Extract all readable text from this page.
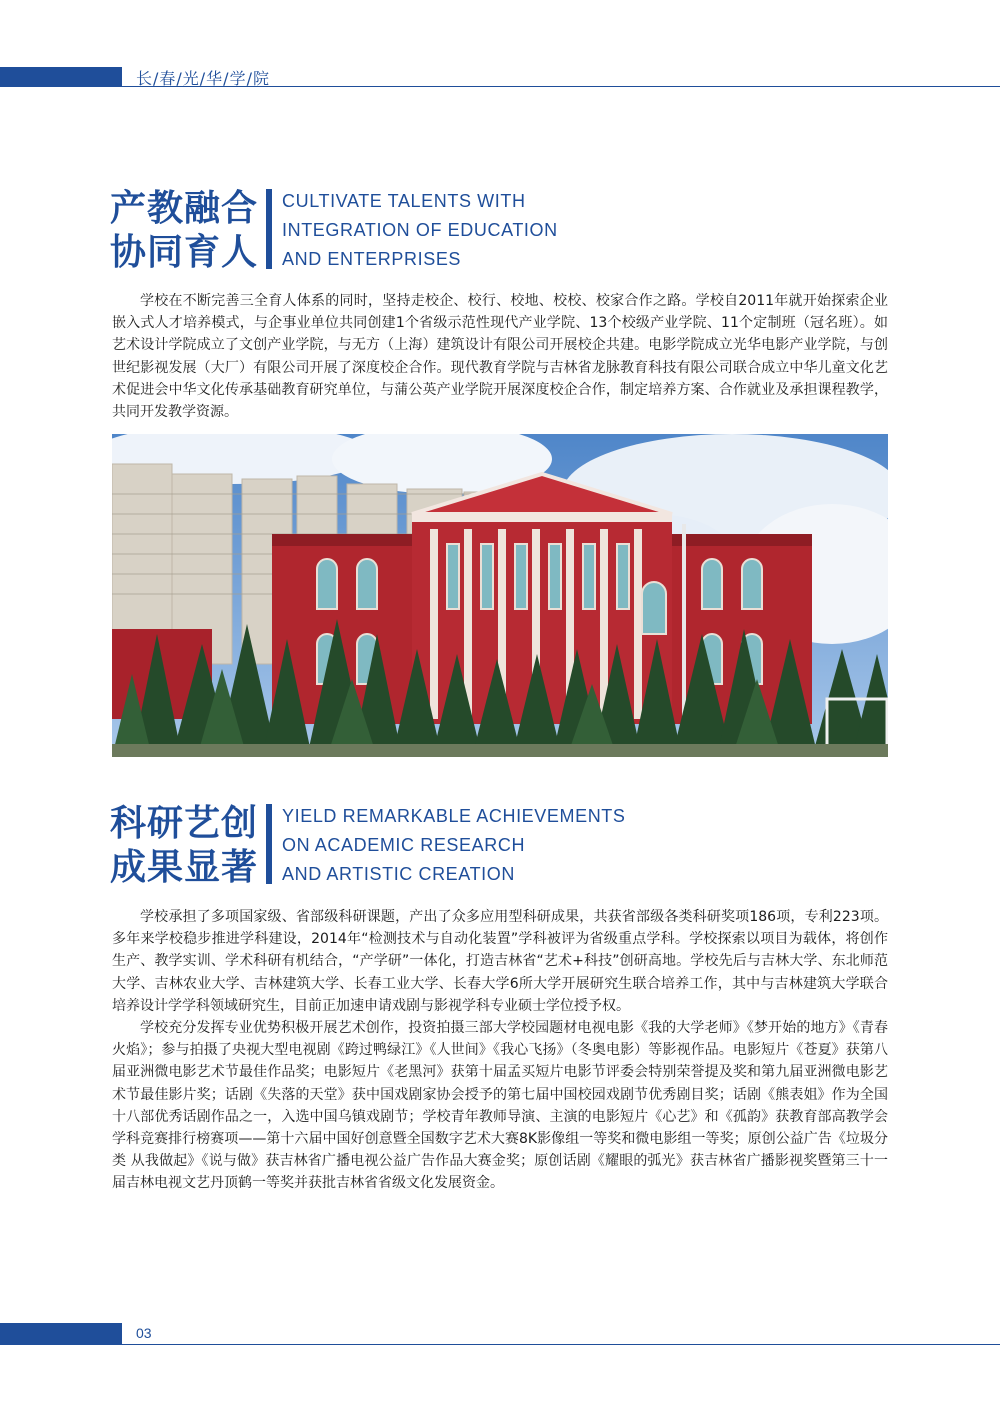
长/春/光/华/学/院
产教融合
协同育人
CULTIVATE TALENTS WITH
INTEGRATION OF EDUCATION
AND ENTERPRISES

学校在不断完善三全育人体系的同时，坚持走校企、校行、校地、校校、校家合作之路。学校自2011年就开始探索企业嵌入式人才培养模式，与企事业单位共同创建1个省级示范性现代产业学院、13个校级产业学院、11个定制班（冠名班）。如艺术设计学院成立了文创产业学院，与无方（上海）建筑设计有限公司开展校企共建。电影学院成立光华电影产业学院，与创世纪影视发展（大厂）有限公司开展了深度校企合作。现代教育学院与吉林省龙脉教育科技有限公司联合成立中华儿童文化艺术促进会中华文化传承基础教育研究单位，与蒲公英产业学院开展深度校企合作，制定培养方案、合作就业及承担课程教学，共同开发教学资源。

科研艺创
成果显著
YIELD REMARKABLE ACHIEVEMENTS
ON ACADEMIC RESEARCH
AND ARTISTIC CREATION

学校承担了多项国家级、省部级科研课题，产出了众多应用型科研成果，共获省部级各类科研奖项186项，专利223项。多年来学校稳步推进学科建设，2014年“检测技术与自动化装置”学科被评为省级重点学科。学校探索以项目为载体，将创作生产、教学实训、学术科研有机结合，“产学研”一体化，打造吉林省“艺术+科技”创研高地。学校先后与吉林大学、东北师范大学、吉林农业大学、吉林建筑大学、长春工业大学、长春大学6所大学开展研究生联合培养工作，其中与吉林建筑大学联合培养设计学学科领域研究生，目前正加速申请戏剧与影视学科专业硕士学位授予权。

学校充分发挥专业优势积极开展艺术创作，投资拍摄三部大学校园题材电视电影《我的大学老师》《梦开始的地方》《青春火焰》；参与拍摄了央视大型电视剧《跨过鸭绿江》《人世间》《我心飞扬》（冬奥电影）等影视作品。电影短片《苍夏》获第八届亚洲微电影艺术节最佳作品奖；电影短片《老黑河》获第十届孟买短片电影节评委会特别荣誉提及奖和第九届亚洲微电影艺术节最佳影片奖；话剧《失落的天堂》获中国戏剧家协会授予的第七届中国校园戏剧节优秀剧目奖；话剧《熊表姐》作为全国十八部优秀话剧作品之一，入选中国乌镇戏剧节；学校青年教师导演、主演的电影短片《心艺》和《孤韵》获教育部高教学会学科竞赛排行榜赛项——第十六届中国好创意暨全国数字艺术大赛8K影像组一等奖和微电影组一等奖；原创公益广告《垃圾分类 从我做起》《说与做》获吉林省广播电视公益广告作品大赛金奖；原创话剧《耀眼的弧光》获吉林省广播影视奖暨第三十一届吉林电视文艺丹顶鹤一等奖并获批吉林省省级文化发展资金。

03
